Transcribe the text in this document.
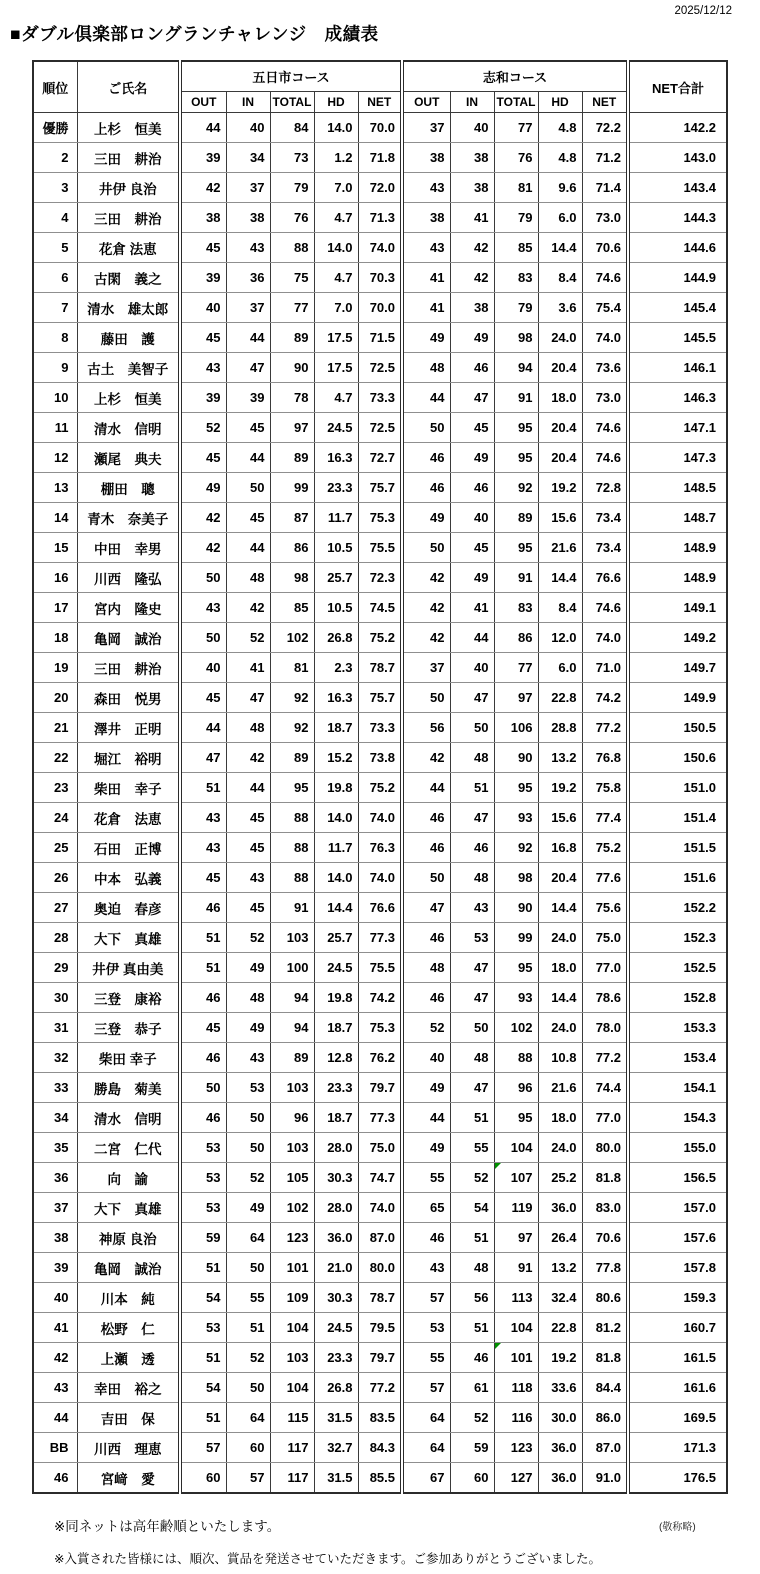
2025/12/12
■ダブル倶楽部ロングランチャレンジ　成績表
順位	ご氏名	五日市コース					志和コース					NET合計
		OUT	IN	TOTAL	HD	NET	OUT	IN	TOTAL	HD	NET	
優勝	上杉　恒美	44	40	84	14.0	70.0	37	40	77	4.8	72.2	142.2
2	三田　耕治	39	34	73	1.2	71.8	38	38	76	4.8	71.2	143.0
3	井伊 良治	42	37	79	7.0	72.0	43	38	81	9.6	71.4	143.4
4	三田　耕治	38	38	76	4.7	71.3	38	41	79	6.0	73.0	144.3
5	花倉 法恵	45	43	88	14.0	74.0	43	42	85	14.4	70.6	144.6
6	古閑　義之	39	36	75	4.7	70.3	41	42	83	8.4	74.6	144.9
7	清水　雄太郎	40	37	77	7.0	70.0	41	38	79	3.6	75.4	145.4
8	藤田　護	45	44	89	17.5	71.5	49	49	98	24.0	74.0	145.5
9	古土　美智子	43	47	90	17.5	72.5	48	46	94	20.4	73.6	146.1
10	上杉　恒美	39	39	78	4.7	73.3	44	47	91	18.0	73.0	146.3
11	清水　信明	52	45	97	24.5	72.5	50	45	95	20.4	74.6	147.1
12	瀬尾　典夫	45	44	89	16.3	72.7	46	49	95	20.4	74.6	147.3
13	棚田　聰	49	50	99	23.3	75.7	46	46	92	19.2	72.8	148.5
14	青木　奈美子	42	45	87	11.7	75.3	49	40	89	15.6	73.4	148.7
15	中田　幸男	42	44	86	10.5	75.5	50	45	95	21.6	73.4	148.9
16	川西　隆弘	50	48	98	25.7	72.3	42	49	91	14.4	76.6	148.9
17	宮内　隆史	43	42	85	10.5	74.5	42	41	83	8.4	74.6	149.1
18	亀岡　誠治	50	52	102	26.8	75.2	42	44	86	12.0	74.0	149.2
19	三田　耕治	40	41	81	2.3	78.7	37	40	77	6.0	71.0	149.7
20	森田　悦男	45	47	92	16.3	75.7	50	47	97	22.8	74.2	149.9
21	澤井　正明	44	48	92	18.7	73.3	56	50	106	28.8	77.2	150.5
22	堀江　裕明	47	42	89	15.2	73.8	42	48	90	13.2	76.8	150.6
23	柴田　幸子	51	44	95	19.8	75.2	44	51	95	19.2	75.8	151.0
24	花倉　法恵	43	45	88	14.0	74.0	46	47	93	15.6	77.4	151.4
25	石田　正博	43	45	88	11.7	76.3	46	46	92	16.8	75.2	151.5
26	中本　弘義	45	43	88	14.0	74.0	50	48	98	20.4	77.6	151.6
27	奥迫　春彦	46	45	91	14.4	76.6	47	43	90	14.4	75.6	152.2
28	大下　真雄	51	52	103	25.7	77.3	46	53	99	24.0	75.0	152.3
29	井伊 真由美	51	49	100	24.5	75.5	48	47	95	18.0	77.0	152.5
30	三登　康裕	46	48	94	19.8	74.2	46	47	93	14.4	78.6	152.8
31	三登　恭子	45	49	94	18.7	75.3	52	50	102	24.0	78.0	153.3
32	柴田 幸子	46	43	89	12.8	76.2	40	48	88	10.8	77.2	153.4
33	勝島　菊美	50	53	103	23.3	79.7	49	47	96	21.6	74.4	154.1
34	清水　信明	46	50	96	18.7	77.3	44	51	95	18.0	77.0	154.3
35	二宮　仁代	53	50	103	28.0	75.0	49	55	104	24.0	80.0	155.0
36	向　諭	53	52	105	30.3	74.7	55	52	107	25.2	81.8	156.5
37	大下　真雄	53	49	102	28.0	74.0	65	54	119	36.0	83.0	157.0
38	神原 良治	59	64	123	36.0	87.0	46	51	97	26.4	70.6	157.6
39	亀岡　誠治	51	50	101	21.0	80.0	43	48	91	13.2	77.8	157.8
40	川本　純	54	55	109	30.3	78.7	57	56	113	32.4	80.6	159.3
41	松野　仁	53	51	104	24.5	79.5	53	51	104	22.8	81.2	160.7
42	上瀬　透	51	52	103	23.3	79.7	55	46	101	19.2	81.8	161.5
43	幸田　裕之	54	50	104	26.8	77.2	57	61	118	33.6	84.4	161.6
44	吉田　保	51	64	115	31.5	83.5	64	52	116	30.0	86.0	169.5
BB	川西　理恵	57	60	117	32.7	84.3	64	59	123	36.0	87.0	171.3
46	宮﨑　愛	60	57	117	31.5	85.5	67	60	127	36.0	91.0	176.5
※同ネットは高年齢順といたします。	(敬称略)
※入賞された皆様には、順次、賞品を発送させていただきます。ご参加ありがとうございました。
